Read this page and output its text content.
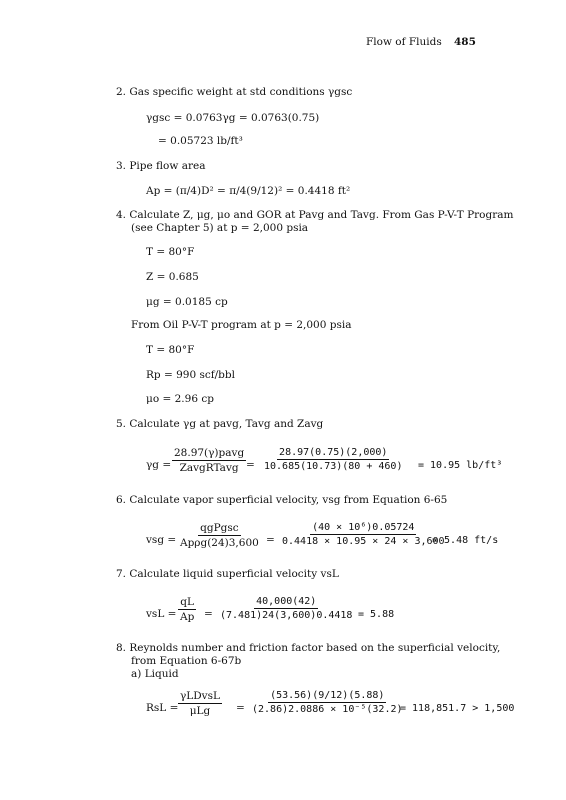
Flow of Fluids 485
2. Gas specific weight at std conditions γgsc
γgsc = 0.0763γg = 0.0763(0.75)
= 0.05723 lb/ft³
3. Pipe flow area
Ap = (π/4)D² = π/4(9/12)² = 0.4418 ft²
4. Calculate Z, μg, μo and GOR at Pavg and Tavg. From Gas P-V-T Program
(see Chapter 5) at p = 2,000 psia
T = 80°F
Z = 0.685
μg = 0.0185 cp
From Oil P-V-T program at p = 2,000 psia
T = 80°F
Rp = 990 scf/bbl
μo = 2.96 cp
5. Calculate γg at pavg, Tavg and Zavg
γg =
28.97(γ)pavg
ZavgRTavg = $\frac{28.97(0.75)(2,000)}{10.685(10.73)(80 + 460)} = 10.95$ lb/ft³
6. Calculate vapor superficial velocity, vsg from Equation 6-65
vsg =
qgPgsc
$Ap\rho g(24)3,600 = \frac{\text{(40 × 10⁶)0.05724}}{0.4418 \times 10.95 \times 24 \times 3,600}$
= 5.48 ft/s
7. Calculate liquid superficial velocity vsL
vsL = $\frac{qL}{Ap} = \frac{40,000(42)}{(7.481)24(3,600)0.4418} = 5.88$
8. Reynolds number and friction factor based on the superficial velocity,
from Equation 6-67b
a) Liquid
RsL =
γLDvsL
$\mu Lg = \frac{(53.56)(9/12)(5.88)}{\text{(2.86)2.0886 × 10⁻⁵(32.2)}}$
= 118,851.7 > 1,500
